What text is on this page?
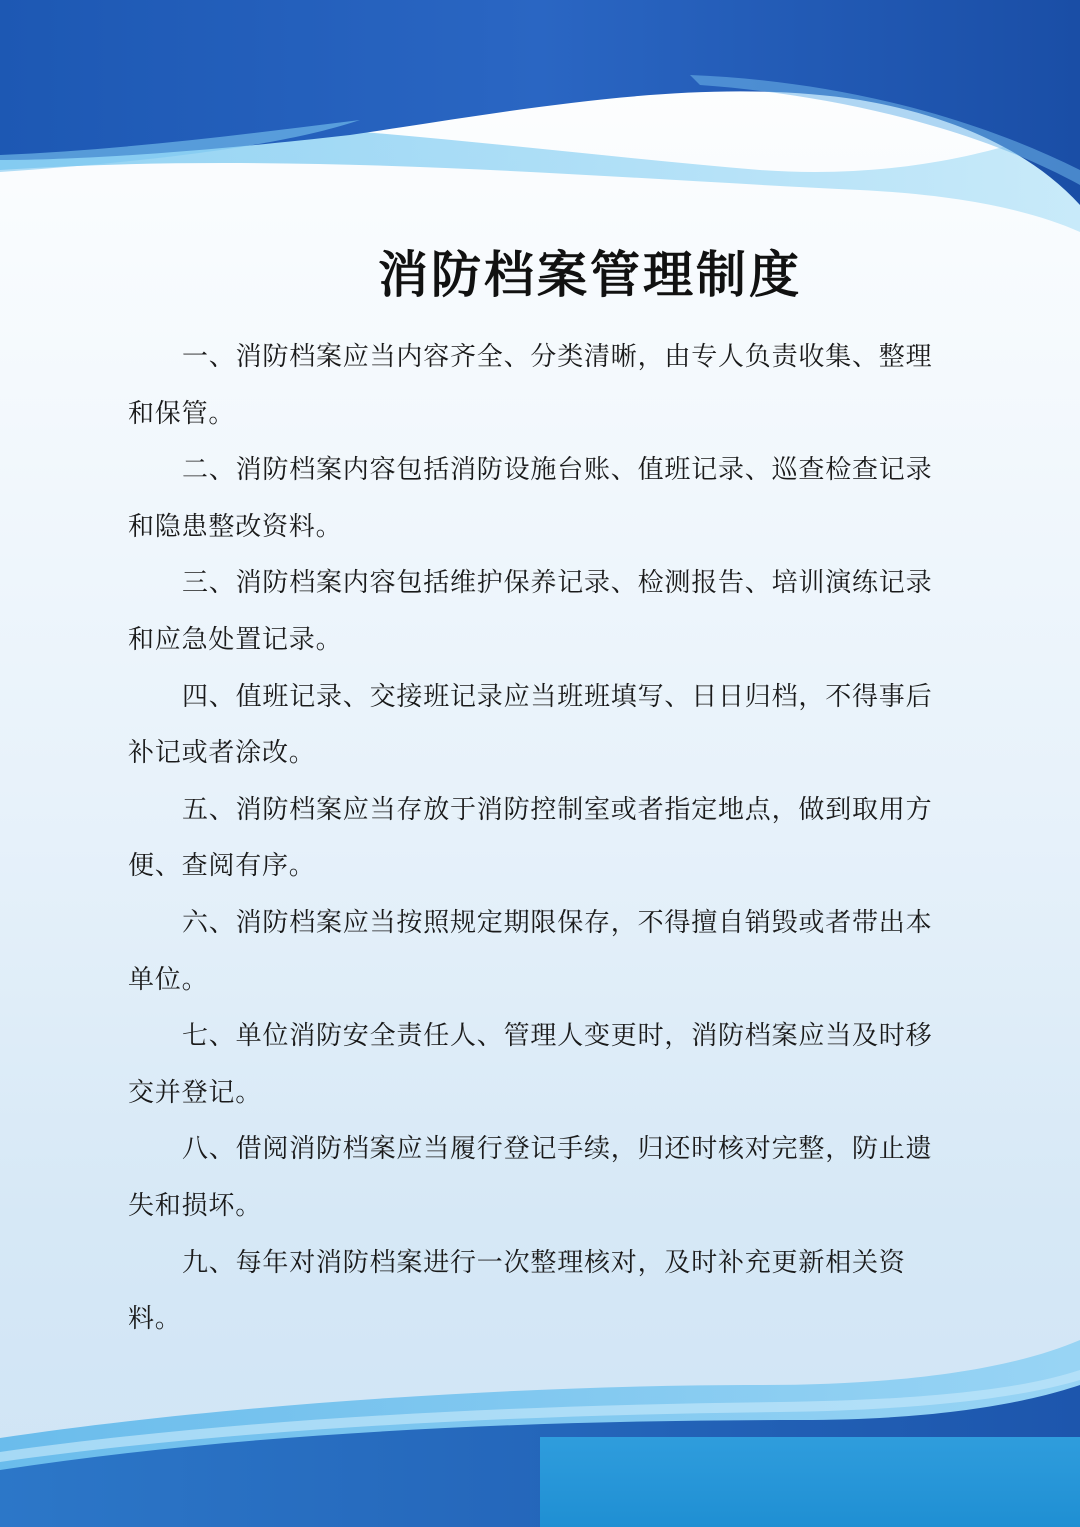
消防档案管理制度

一、消防档案应当内容齐全、分类清晰，由专人负责收集、整理和保管。

二、消防档案内容包括消防设施台账、值班记录、巡查检查记录和隐患整改资料。

三、消防档案内容包括维护保养记录、检测报告、培训演练记录和应急处置记录。

四、值班记录、交接班记录应当班班填写、日日归档，不得事后补记或者涂改。

五、消防档案应当存放于消防控制室或者指定地点，做到取用方便、查阅有序。

六、消防档案应当按照规定期限保存，不得擅自销毁或者带出本单位。

七、单位消防安全责任人、管理人变更时，消防档案应当及时移交并登记。

八、借阅消防档案应当履行登记手续，归还时核对完整，防止遗失和损坏。

九、每年对消防档案进行一次整理核对，及时补充更新相关资料。
